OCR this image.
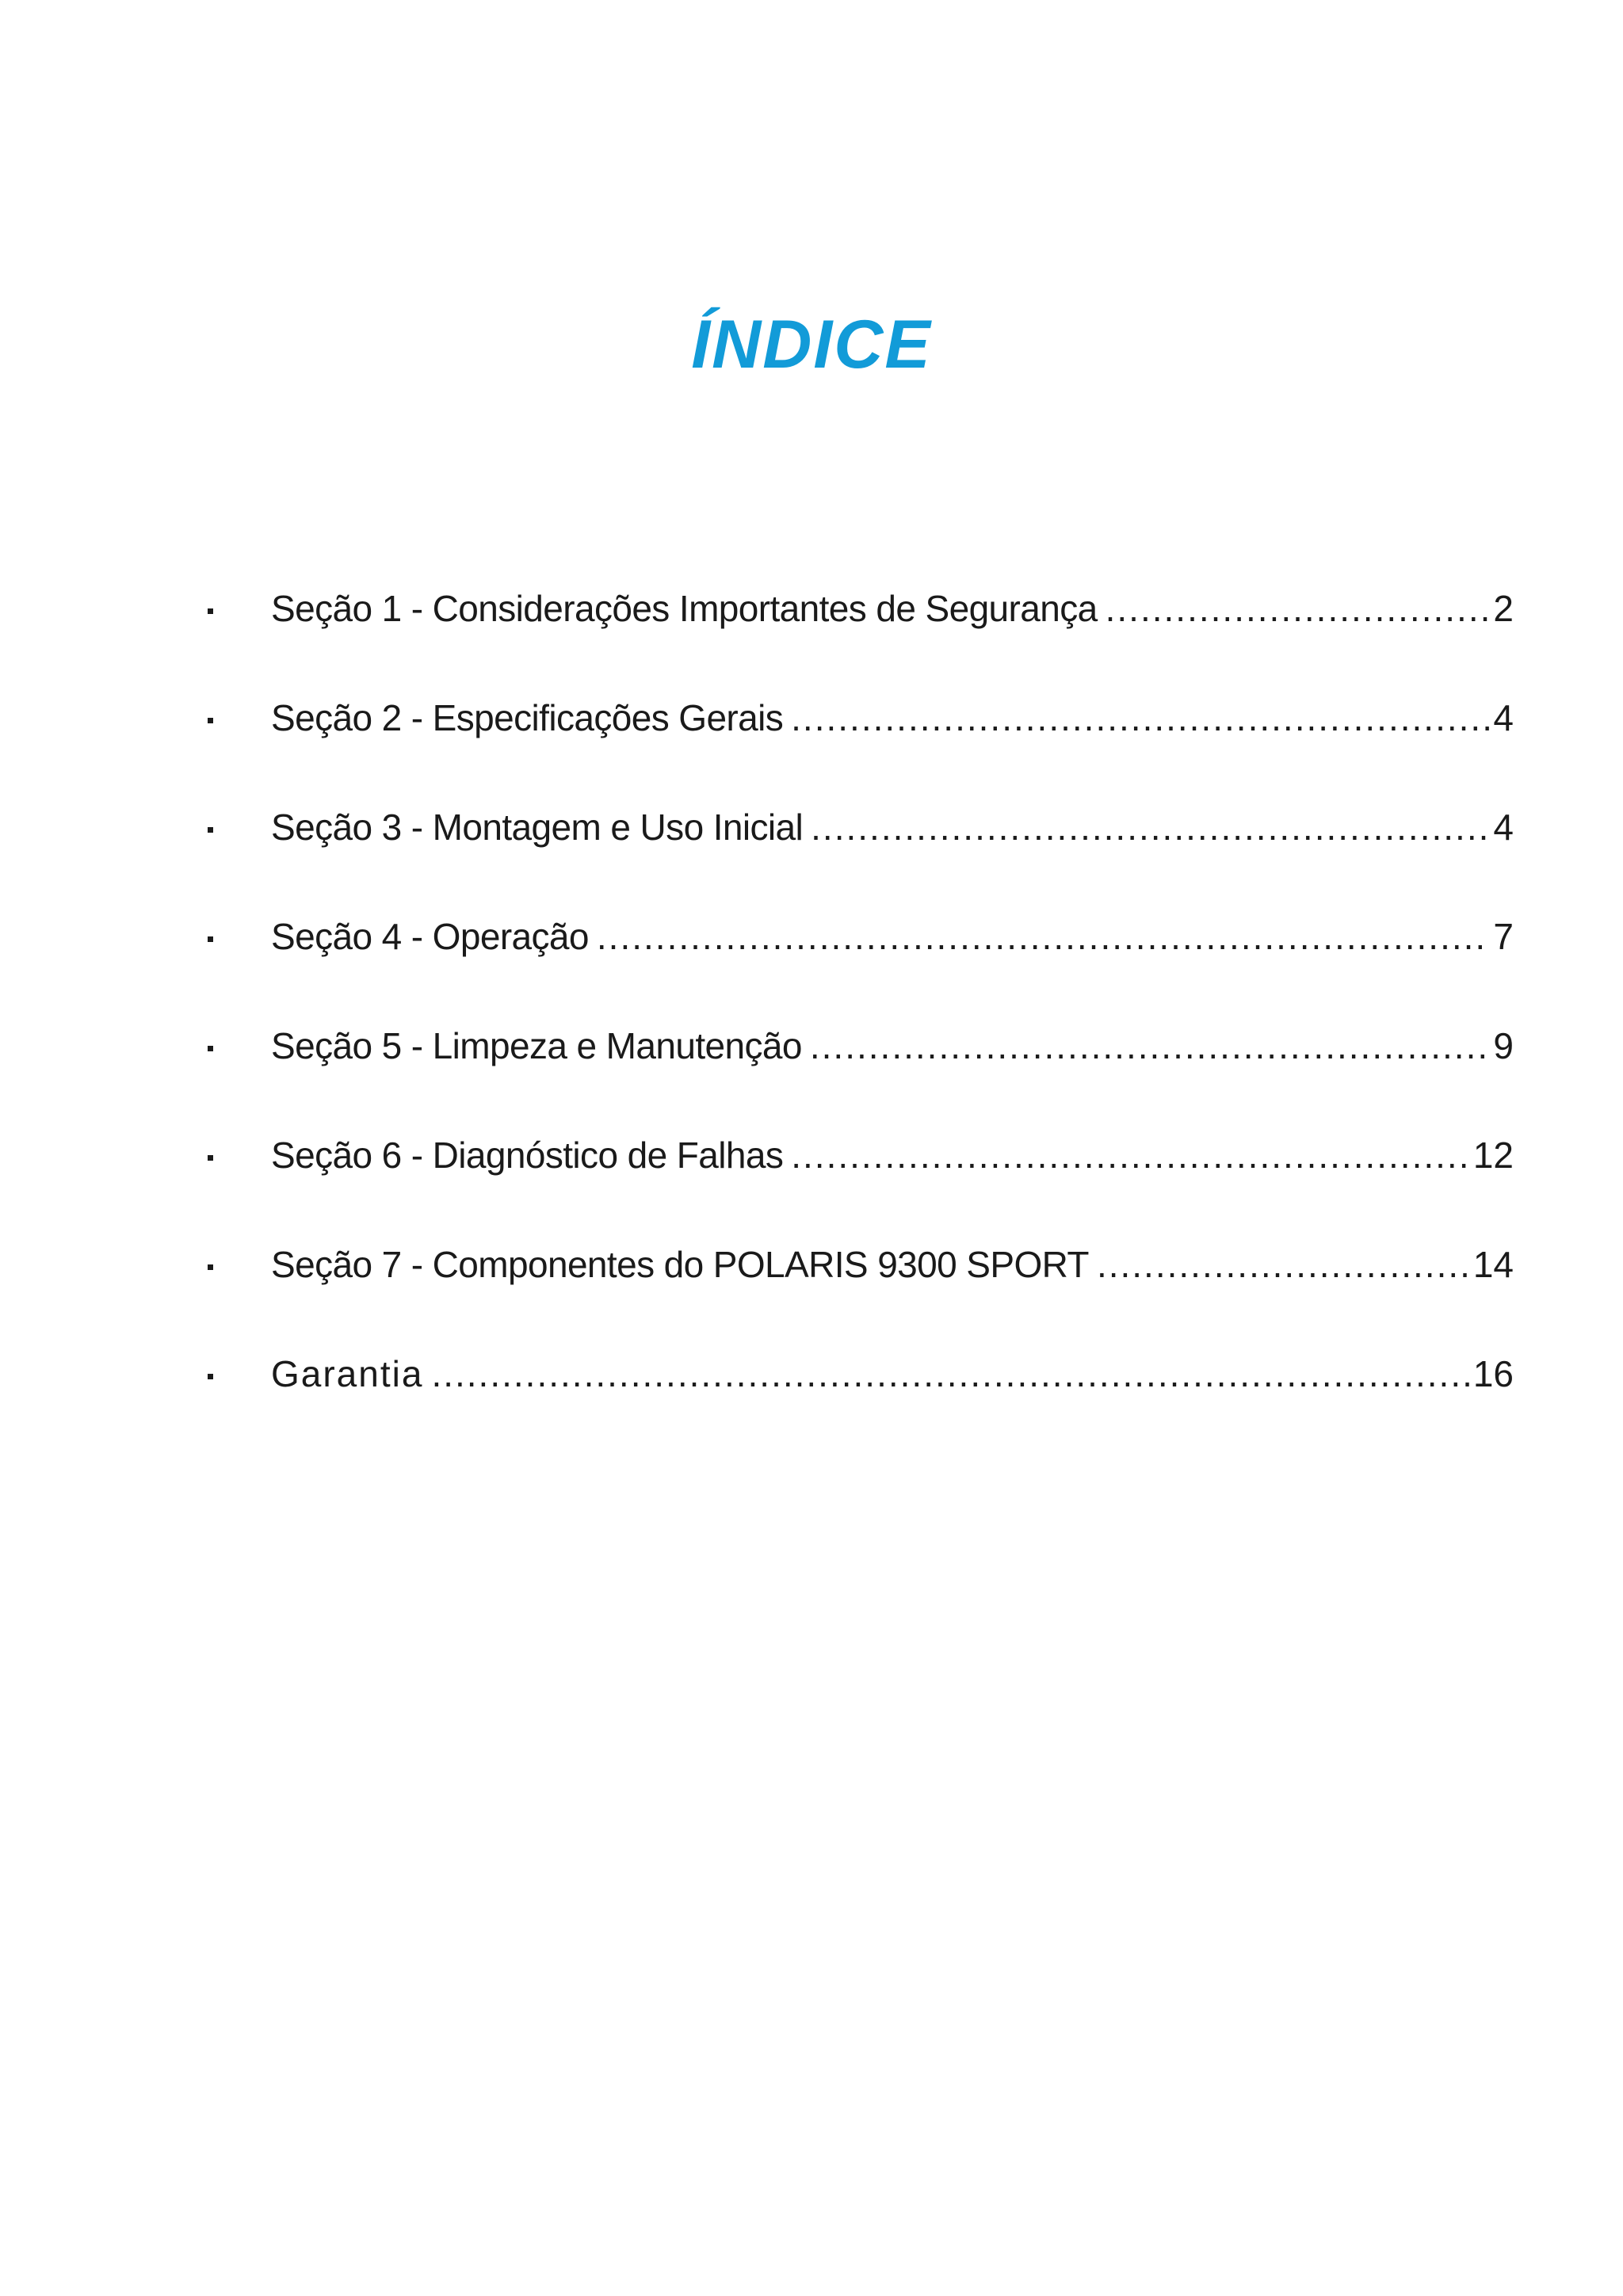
ÍNDICE
Seção 1 - Considerações Importantes de Segurança .....	2
Seção 2 - Especificações Gerais .....	4
Seção 3 - Montagem e Uso Inicial .....	4
Seção 4 - Operação .....	7
Seção 5 - Limpeza e Manutenção .....	9
Seção 6 - Diagnóstico de Falhas .....	12
Seção 7 - Componentes do POLARIS 9300 SPORT .....	14
Garantia .....	16
